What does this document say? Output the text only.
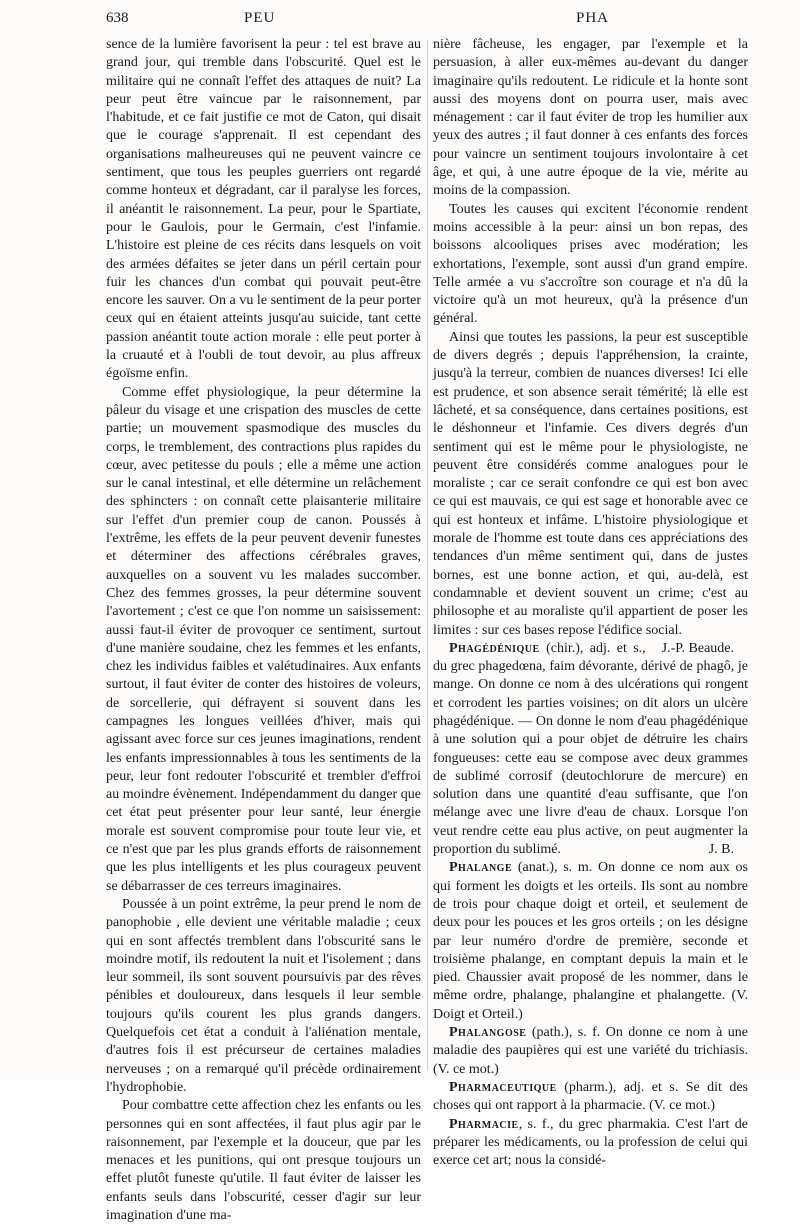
638	PEU	PHA

sence de la lumière favorisent la peur : tel est brave au grand jour, qui tremble dans l'obscurité. Quel est le militaire qui ne connaît l'effet des attaques de nuit? La peur peut être vaincue par le raisonnement, par l'habitude, et ce fait justifie ce mot de Caton, qui disait que le courage s'apprenait. Il est cependant des organisations malheureuses qui ne peuvent vaincre ce sentiment, que tous les peuples guerriers ont regardé comme honteux et dégradant, car il paralyse les forces, il anéantit le raisonnement. La peur, pour le Spartiate, pour le Gaulois, pour le Germain, c'est l'infamie. L'histoire est pleine de ces récits dans lesquels on voit des armées défaites se jeter dans un péril certain pour fuir les chances d'un combat qui pouvait peut-être encore les sauver. On a vu le sentiment de la peur porter ceux qui en étaient atteints jusqu'au suicide, tant cette passion anéantit toute action morale : elle peut porter à la cruauté et à l'oubli de tout devoir, au plus affreux égoïsme enfin.

Comme effet physiologique, la peur détermine la pâleur du visage et une crispation des muscles de cette partie; un mouvement spasmodique des muscles du corps, le tremblement, des contractions plus rapides du cœur, avec petitesse du pouls ; elle a même une action sur le canal intestinal, et elle détermine un relâchement des sphincters : on connaît cette plaisanterie militaire sur l'effet d'un premier coup de canon. Poussés à l'extrême, les effets de la peur peuvent devenir funestes et déterminer des affections cérébrales graves, auxquelles on a souvent vu les malades succomber. Chez des femmes grosses, la peur détermine souvent l'avortement ; c'est ce que l'on nomme un saisissement: aussi faut-il éviter de provoquer ce sentiment, surtout d'une manière soudaine, chez les femmes et les enfants, chez les individus faibles et valétudinaires. Aux enfants surtout, il faut éviter de conter des histoires de voleurs, de sorcellerie, qui défrayent si souvent dans les campagnes les longues veillées d'hiver, mais qui agissant avec force sur ces jeunes imaginations, rendent les enfants impressionnables à tous les sentiments de la peur, leur font redouter l'obscurité et trembler d'effroi au moindre évènement. Indépendamment du danger que cet état peut présenter pour leur santé, leur énergie morale est souvent compromise pour toute leur vie, et ce n'est que par les plus grands efforts de raisonnement que les plus intelligents et les plus courageux peuvent se débarrasser de ces terreurs imaginaires.

Poussée à un point extrême, la peur prend le nom de panophobie , elle devient une véritable maladie ; ceux qui en sont affectés tremblent dans l'obscurité sans le moindre motif, ils redoutent la nuit et l'isolement ; dans leur sommeil, ils sont souvent poursuivis par des rêves pénibles et douloureux, dans lesquels il leur semble toujours qu'ils courent les plus grands dangers. Quelquefois cet état a conduit à l'aliénation mentale, d'autres fois il est précurseur de certaines maladies nerveuses ; on a remarqué qu'il précède ordinairement l'hydrophobie.

Pour combattre cette affection chez les enfants ou les personnes qui en sont affectées, il faut plus agir par le raisonnement, par l'exemple et la douceur, que par les menaces et les punitions, qui ont presque toujours un effet plutôt funeste qu'utile. Il faut éviter de laisser les enfants seuls dans l'obscurité, cesser d'agir sur leur imagination d'une ma-

nière fâcheuse, les engager, par l'exemple et la persuasion, à aller eux-mêmes au-devant du danger imaginaire qu'ils redoutent. Le ridicule et la honte sont aussi des moyens dont on pourra user, mais avec ménagement : car il faut éviter de trop les humilier aux yeux des autres ; il faut donner à ces enfants des forces pour vaincre un sentiment toujours involontaire à cet âge, et qui, à une autre époque de la vie, mérite au moins de la compassion.

Toutes les causes qui excitent l'économie rendent moins accessible à la peur: ainsi un bon repas, des boissons alcooliques prises avec modération; les exhortations, l'exemple, sont aussi d'un grand empire. Telle armée a vu s'accroître son courage et n'a dû la victoire qu'à un mot heureux, qu'à la présence d'un général.

Ainsi que toutes les passions, la peur est susceptible de divers degrés ; depuis l'appréhension, la crainte, jusqu'à la terreur, combien de nuances diverses! Ici elle est prudence, et son absence serait témérité; là elle est lâcheté, et sa conséquence, dans certaines positions, est le déshonneur et l'infamie. Ces divers degrés d'un sentiment qui est le même pour le physiologiste, ne peuvent être considérés comme analogues pour le moraliste ; car ce serait confondre ce qui est bon avec ce qui est mauvais, ce qui est sage et honorable avec ce qui est honteux et infâme. L'histoire physiologique et morale de l'homme est toute dans ces appréciations des tendances d'un même sentiment qui, dans de justes bornes, est une bonne action, et qui, au-delà, est condamnable et devient souvent un crime; c'est au philosophe et au moraliste qu'il appartient de poser les limites : sur ces bases repose l'édifice social.
J.-P. Beaude.

Phagédénique (chir.), adj. et s., du grec phagedœna, faim dévorante, dérivé de phagô, je mange. On donne ce nom à des ulcérations qui rongent et corrodent les parties voisines; on dit alors un ulcère phagédénique. — On donne le nom d'eau phagédénique à une solution qui a pour objet de détruire les chairs fongueuses: cette eau se compose avec deux grammes de sublimé corrosif (deutochlorure de mercure) en solution dans une quantité d'eau suffisante, que l'on mélange avec une livre d'eau de chaux. Lorsque l'on veut rendre cette eau plus active, on peut augmenter la proportion du sublimé.	J. B.

Phalange (anat.), s. m. On donne ce nom aux os qui forment les doigts et les orteils. Ils sont au nombre de trois pour chaque doigt et orteil, et seulement de deux pour les pouces et les gros orteils ; on les désigne par leur numéro d'ordre de première, seconde et troisième phalange, en comptant depuis la main et le pied. Chaussier avait proposé de les nommer, dans le même ordre, phalange, phalangine et phalangette. (V. Doigt et Orteil.)

Phalangose (path.), s. f. On donne ce nom à une maladie des paupières qui est une variété du trichiasis. (V. ce mot.)

Pharmaceutique (pharm.), adj. et s. Se dit des choses qui ont rapport à la pharmacie. (V. ce mot.)

Pharmacie, s. f., du grec pharmakia. C'est l'art de préparer les médicaments, ou la profession de celui qui exerce cet art; nous la considé-
